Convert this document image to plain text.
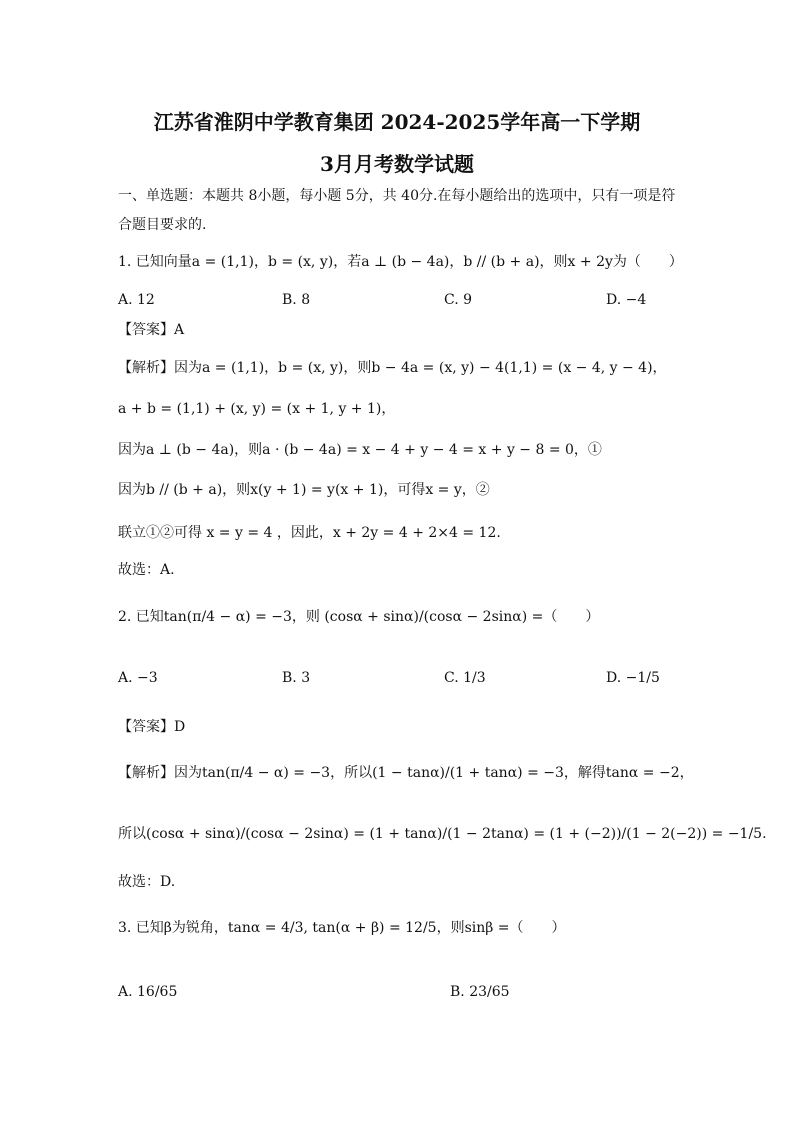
江苏省淮阴中学教育集团 2024-2025学年高一下学期
3月月考数学试题
一、单选题：本题共 8小题，每小题 5分，共 40分.在每小题给出的选项中，只有一项是符
合题目要求的.
1. 已知向量a = (1,1)，b = (x, y)，若a ⊥ (b − 4a)，b // (b + a)，则x + 2y为（　　）
A. 12	B. 8	C. 9	D. −4
【答案】A
【解析】因为a = (1,1)，b = (x, y)，则b − 4a = (x, y) − 4(1,1) = (x − 4, y − 4)，
a + b = (1,1) + (x, y) = (x + 1, y + 1)，
因为a ⊥ (b − 4a)，则a · (b − 4a) = x − 4 + y − 4 = x + y − 8 = 0，①
因为b // (b + a)，则x(y + 1) = y(x + 1)，可得x = y，②
联立①②可得 x = y = 4 ，因此，x + 2y = 4 + 2×4 = 12.
故选：A.
2. 已知tan(π/4 − α) = −3，则 (cosα + sinα)/(cosα − 2sinα) =（　　）
A. −3	B. 3	C. 1/3	D. −1/5
【答案】D
【解析】因为tan(π/4 − α) = −3，所以(1 − tanα)/(1 + tanα) = −3，解得tanα = −2，
所以(cosα + sinα)/(cosα − 2sinα) = (1 + tanα)/(1 − 2tanα) = (1 + (−2))/(1 − 2(−2)) = −1/5.
故选：D.
3. 已知β为锐角，tanα = 4/3, tan(α + β) = 12/5，则sinβ =（　　）
A. 16/65	B. 23/65
